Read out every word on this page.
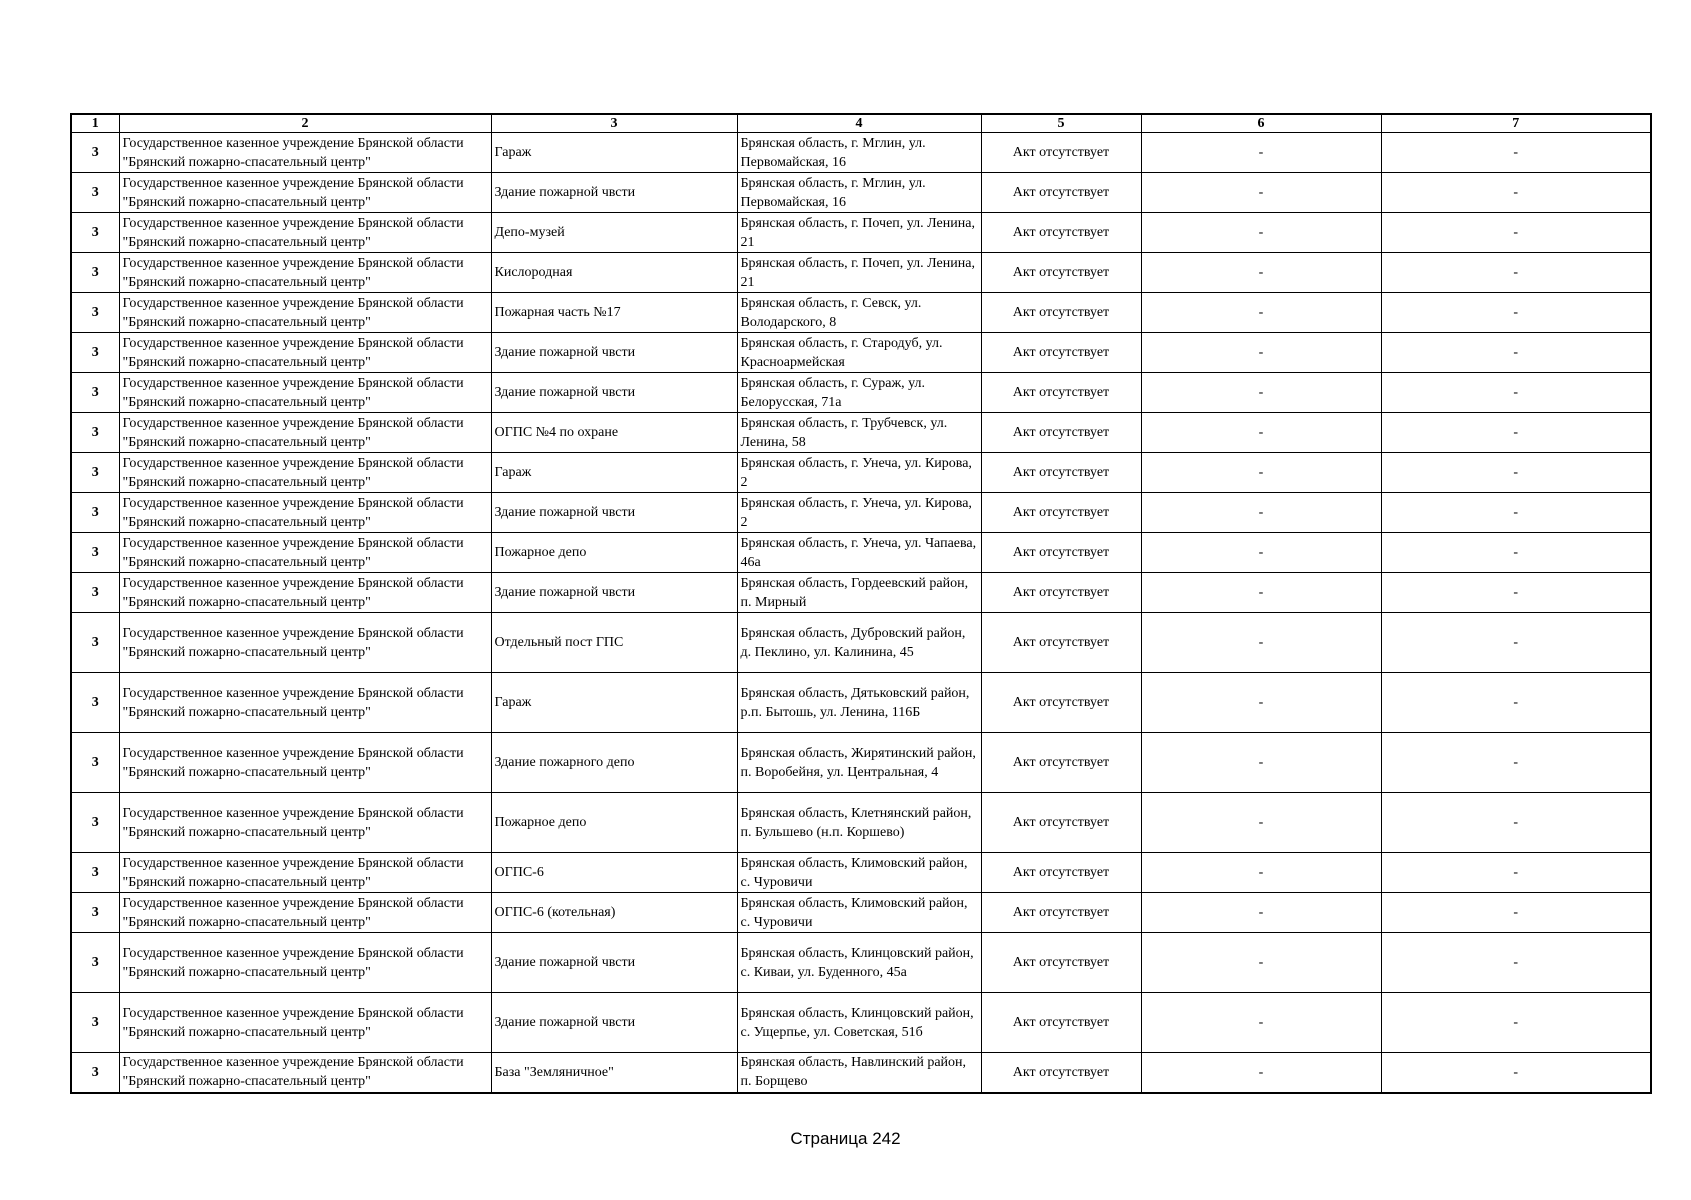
1	2	3	4	5	6	7
3	Государственное казенное учреждение Брянской области "Брянский пожарно-спасательный центр"	Гараж	Брянская область, г. Мглин, ул. Первомайская, 16	Акт отсутствует	-	-
3	Государственное казенное учреждение Брянской области "Брянский пожарно-спасательный центр"	Здание пожарной чвсти	Брянская область, г. Мглин, ул. Первомайская, 16	Акт отсутствует	-	-
3	Государственное казенное учреждение Брянской области "Брянский пожарно-спасательный центр"	Депо-музей	Брянская область, г. Почеп, ул. Ленина, 21	Акт отсутствует	-	-
3	Государственное казенное учреждение Брянской области "Брянский пожарно-спасательный центр"	Кислородная	Брянская область, г. Почеп, ул. Ленина, 21	Акт отсутствует	-	-
3	Государственное казенное учреждение Брянской области "Брянский пожарно-спасательный центр"	Пожарная часть №17	Брянская область, г. Севск, ул. Володарского, 8	Акт отсутствует	-	-
3	Государственное казенное учреждение Брянской области "Брянский пожарно-спасательный центр"	Здание пожарной чвсти	Брянская область, г. Стародуб, ул. Красноармейская	Акт отсутствует	-	-
3	Государственное казенное учреждение Брянской области "Брянский пожарно-спасательный центр"	Здание пожарной чвсти	Брянская область, г. Сураж, ул. Белорусская, 71а	Акт отсутствует	-	-
3	Государственное казенное учреждение Брянской области "Брянский пожарно-спасательный центр"	ОГПС №4 по охране	Брянская область, г. Трубчевск, ул. Ленина, 58	Акт отсутствует	-	-
3	Государственное казенное учреждение Брянской области "Брянский пожарно-спасательный центр"	Гараж	Брянская область, г. Унеча, ул. Кирова, 2	Акт отсутствует	-	-
3	Государственное казенное учреждение Брянской области "Брянский пожарно-спасательный центр"	Здание пожарной чвсти	Брянская область, г. Унеча, ул. Кирова, 2	Акт отсутствует	-	-
3	Государственное казенное учреждение Брянской области "Брянский пожарно-спасательный центр"	Пожарное депо	Брянская область, г. Унеча, ул. Чапаева, 46а	Акт отсутствует	-	-
3	Государственное казенное учреждение Брянской области "Брянский пожарно-спасательный центр"	Здание пожарной чвсти	Брянская область, Гордеевский район, п. Мирный	Акт отсутствует	-	-
3	Государственное казенное учреждение Брянской области "Брянский пожарно-спасательный центр"	Отдельный пост ГПС	Брянская область, Дубровский район, д. Пеклино, ул. Калинина, 45	Акт отсутствует	-	-
3	Государственное казенное учреждение Брянской области "Брянский пожарно-спасательный центр"	Гараж	Брянская область, Дятьковский район, р.п. Бытошь, ул. Ленина, 116Б	Акт отсутствует	-	-
3	Государственное казенное учреждение Брянской области "Брянский пожарно-спасательный центр"	Здание пожарного депо	Брянская область, Жирятинский район, п. Воробейня, ул. Центральная, 4	Акт отсутствует	-	-
3	Государственное казенное учреждение Брянской области "Брянский пожарно-спасательный центр"	Пожарное депо	Брянская область, Клетнянский район, п. Бульшево (н.п. Коршево)	Акт отсутствует	-	-
3	Государственное казенное учреждение Брянской области "Брянский пожарно-спасательный центр"	ОГПС-6	Брянская область, Климовский район, с. Чуровичи	Акт отсутствует	-	-
3	Государственное казенное учреждение Брянской области "Брянский пожарно-спасательный центр"	ОГПС-6 (котельная)	Брянская область, Климовский район, с. Чуровичи	Акт отсутствует	-	-
3	Государственное казенное учреждение Брянской области "Брянский пожарно-спасательный центр"	Здание пожарной чвсти	Брянская область, Клинцовский район, с. Киваи, ул. Буденного, 45а	Акт отсутствует	-	-
3	Государственное казенное учреждение Брянской области "Брянский пожарно-спасательный центр"	Здание пожарной чвсти	Брянская область, Клинцовский район, с. Ущерпье, ул. Советская, 51б	Акт отсутствует	-	-
3	Государственное казенное учреждение Брянской области "Брянский пожарно-спасательный центр"	База "Земляничное"	Брянская область, Навлинский район, п. Борщево	Акт отсутствует	-	-
Страница 242
